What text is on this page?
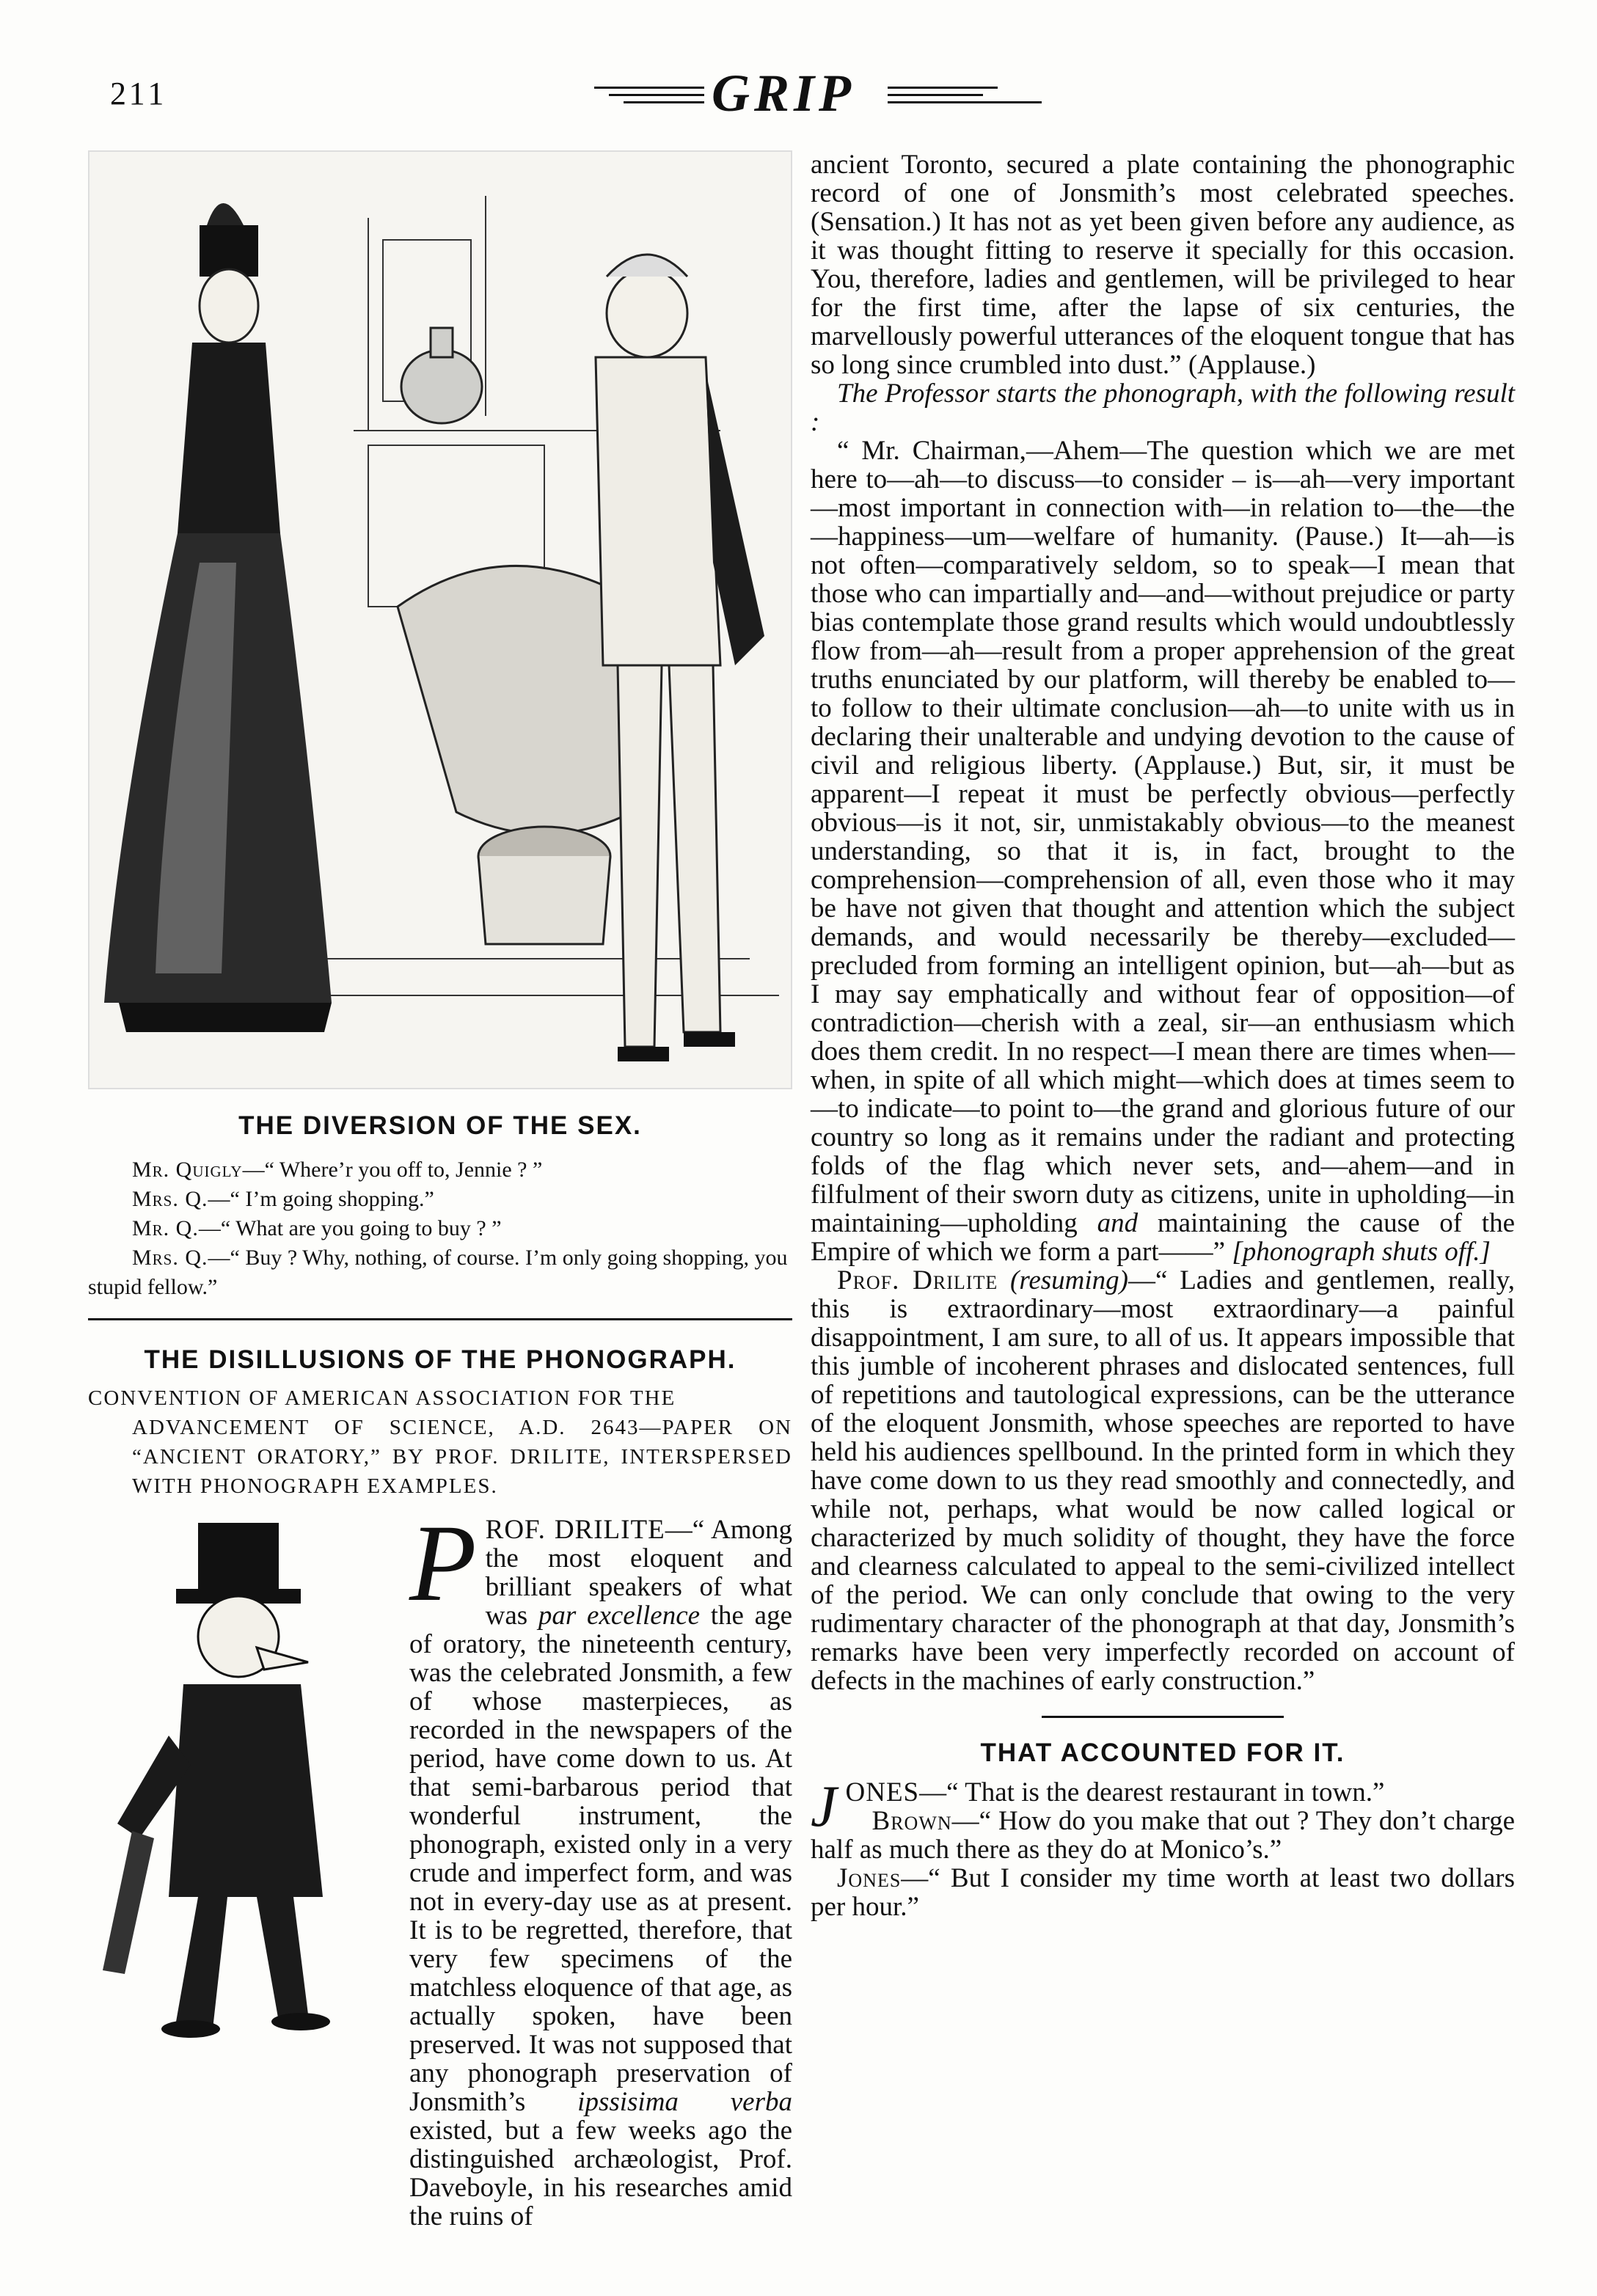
2 1 1	GRIP
THE DIVERSION OF THE SEX.

Mr. Quigly—“ Where’r you off to, Jennie ? ”

Mrs. Q.—“ I’m going shopping.”

Mr. Q.—“ What are you going to buy ? ”

Mrs. Q.—“ Buy ? Why, nothing, of course. I’m only going shopping, you stupid fellow.”

THE DISILLUSIONS OF THE PHONOGRAPH.
CONVENTION OF AMERICAN ASSOCIATION FOR THE
ADVANCEMENT OF SCIENCE, A.D. 2643—PAPER ON “ANCIENT ORATORY,” BY PROF. DRILITE, INTERSPERSED WITH PHONOGRAPH EXAMPLES.
P ROF. DRILITE—“ Among the most eloquent and brilliant speakers of what was par excellence the age of oratory, the nineteenth century, was the celebrated Jonsmith, a few of whose masterpieces, as recorded in the newspapers of the period, have come down to us. At that semi-barbarous period that wonderful instrument, the phonograph, existed only in a very crude and imperfect form, and was not in every-day use as at present. It is to be regretted, therefore, that very few specimens of the matchless eloquence of that age, as actually spoken, have been preserved. It was not supposed that any phonograph preservation of Jonsmith’s ipssisima verba existed, but a few weeks ago the distinguished archæologist, Prof. Daveboyle, in his researches amid the ruins of

ancient Toronto, secured a plate containing the phonographic record of one of Jonsmith’s most celebrated speeches. (Sensation.) It has not as yet been given before any audience, as it was thought fitting to reserve it specially for this occasion. You, therefore, ladies and gentlemen, will be privileged to hear for the first time, after the lapse of six centuries, the marvellously powerful utterances of the eloquent tongue that has so long since crumbled into dust.” (Applause.)

The Professor starts the phonograph, with the following result :

“ Mr. Chairman,—Ahem—The question which we are met here to—ah—to discuss—to consider – is—ah—very important—most important in connection with—in relation to—the—the—happiness—um—welfare of humanity. (Pause.) It—ah—is not often—comparatively seldom, so to speak—I mean that those who can impartially and—and—without prejudice or party bias contemplate those grand results which would undoubtlessly flow from—ah—result from a proper apprehension of the great truths enunciated by our platform, will thereby be enabled to—to follow to their ultimate conclusion—ah—to unite with us in declaring their unalterable and undying devotion to the cause of civil and religious liberty. (Applause.) But, sir, it must be apparent—I repeat it must be perfectly obvious—perfectly obvious—is it not, sir, unmistakably obvious—to the meanest understanding, so that it is, in fact, brought to the comprehension—comprehension of all, even those who it may be have not given that thought and attention which the subject demands, and would necessarily be thereby—excluded—precluded from forming an intelligent opinion, but—ah—but as I may say emphatically and without fear of opposition—of contradiction—cherish with a zeal, sir—an enthusiasm which does them credit. In no respect—I mean there are times when—when, in spite of all which might—which does at times seem to—to indicate—to point to—the grand and glorious future of our country so long as it remains under the radiant and protecting folds of the flag which never sets, and—ahem—and in filfulment of their sworn duty as citizens, unite in upholding—in maintaining—upholding and maintaining the cause of the Empire of which we form a part——” [phonograph shuts off.]

Prof. Drilite (resuming)—“ Ladies and gentlemen, really, this is extraordinary—most extraordinary—a painful disappointment, I am sure, to all of us. It appears impossible that this jumble of incoherent phrases and dislocated sentences, full of repetitions and tautological expressions, can be the utterance of the eloquent Jonsmith, whose speeches are reported to have held his audiences spellbound. In the printed form in which they have come down to us they read smoothly and connectedly, and while not, perhaps, what would be now called logical or characterized by much solidity of thought, they have the force and clearness calculated to appeal to the semi-civilized intellect of the period. We can only conclude that owing to the very rudimentary character of the phonograph at that day, Jonsmith’s remarks have been very imperfectly recorded on account of defects in the machines of early construction.”

THAT ACCOUNTED FOR IT.

JONES—“ That is the dearest restaurant in town.”

Brown—“ How do you make that out ? They don’t charge half as much there as they do at Monico’s.”

Jones—“ But I consider my time worth at least two dollars per hour.”
